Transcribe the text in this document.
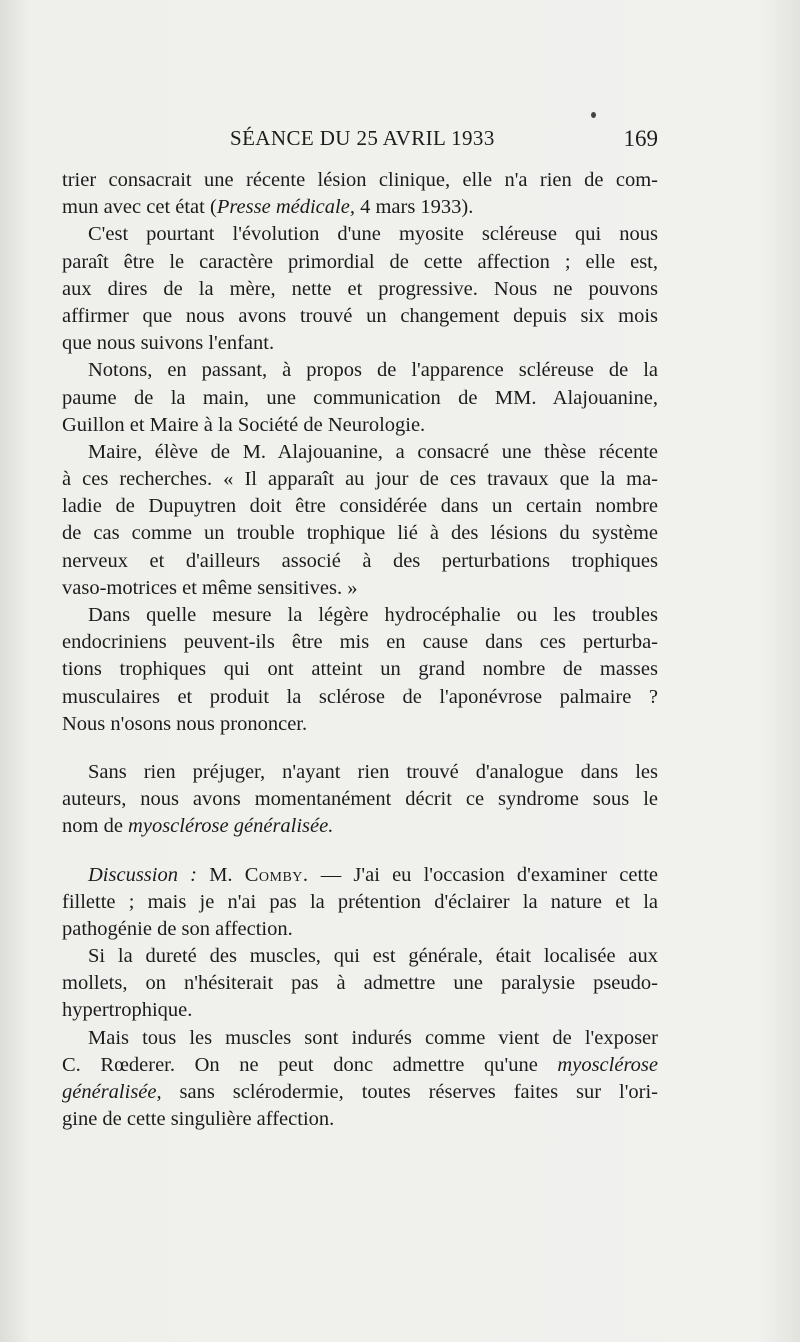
SÉANCE DU 25 AVRIL 1933	169
trier consacrait une récente lésion clinique, elle n'a rien de com-
mun avec cet état (Presse médicale, 4 mars 1933).
C'est pourtant l'évolution d'une myosite scléreuse qui nous
paraît être le caractère primordial de cette affection ; elle est,
aux dires de la mère, nette et progressive. Nous ne pouvons
affirmer que nous avons trouvé un changement depuis six mois
que nous suivons l'enfant.
Notons, en passant, à propos de l'apparence scléreuse de la
paume de la main, une communication de MM. Alajouanine,
Guillon et Maire à la Société de Neurologie.
Maire, élève de M. Alajouanine, a consacré une thèse récente
à ces recherches. « Il apparaît au jour de ces travaux que la ma-
ladie de Dupuytren doit être considérée dans un certain nombre
de cas comme un trouble trophique lié à des lésions du système
nerveux et d'ailleurs associé à des perturbations trophiques
vaso-motrices et même sensitives. »
Dans quelle mesure la légère hydrocéphalie ou les troubles
endocriniens peuvent-ils être mis en cause dans ces perturba-
tions trophiques qui ont atteint un grand nombre de masses
musculaires et produit la sclérose de l'aponévrose palmaire ?
Nous n'osons nous prononcer.
Sans rien préjuger, n'ayant rien trouvé d'analogue dans les
auteurs, nous avons momentanément décrit ce syndrome sous le
nom de myosclérose généralisée.
Discussion : M. Comby. — J'ai eu l'occasion d'examiner cette
fillette ; mais je n'ai pas la prétention d'éclairer la nature et la
pathogénie de son affection.
Si la dureté des muscles, qui est générale, était localisée aux
mollets, on n'hésiterait pas à admettre une paralysie pseudo-
hypertrophique.
Mais tous les muscles sont indurés comme vient de l'exposer
C. Rœderer. On ne peut donc admettre qu'une myosclérose
généralisée, sans sclérodermie, toutes réserves faites sur l'ori-
gine de cette singulière affection.
